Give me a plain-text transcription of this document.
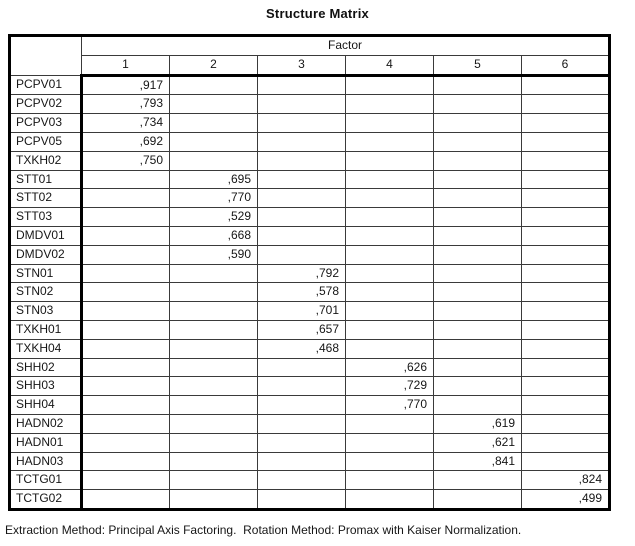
Structure Matrix
	Factor					
	1	2	3	4	5	6
PCPV01	,917					
PCPV02	,793					
PCPV03	,734					
PCPV05	,692					
TXKH02	,750					
STT01		,695				
STT02		,770				
STT03		,529				
DMDV01		,668				
DMDV02		,590				
STN01			,792			
STN02			,578			
STN03			,701			
TXKH01			,657			
TXKH04			,468			
SHH02				,626		
SHH03				,729		
SHH04				,770		
HADN02					,619	
HADN01					,621	
HADN03					,841	
TCTG01						,824
TCTG02						,499
Extraction Method: Principal Axis Factoring.  Rotation Method: Promax with Kaiser Normalization.
